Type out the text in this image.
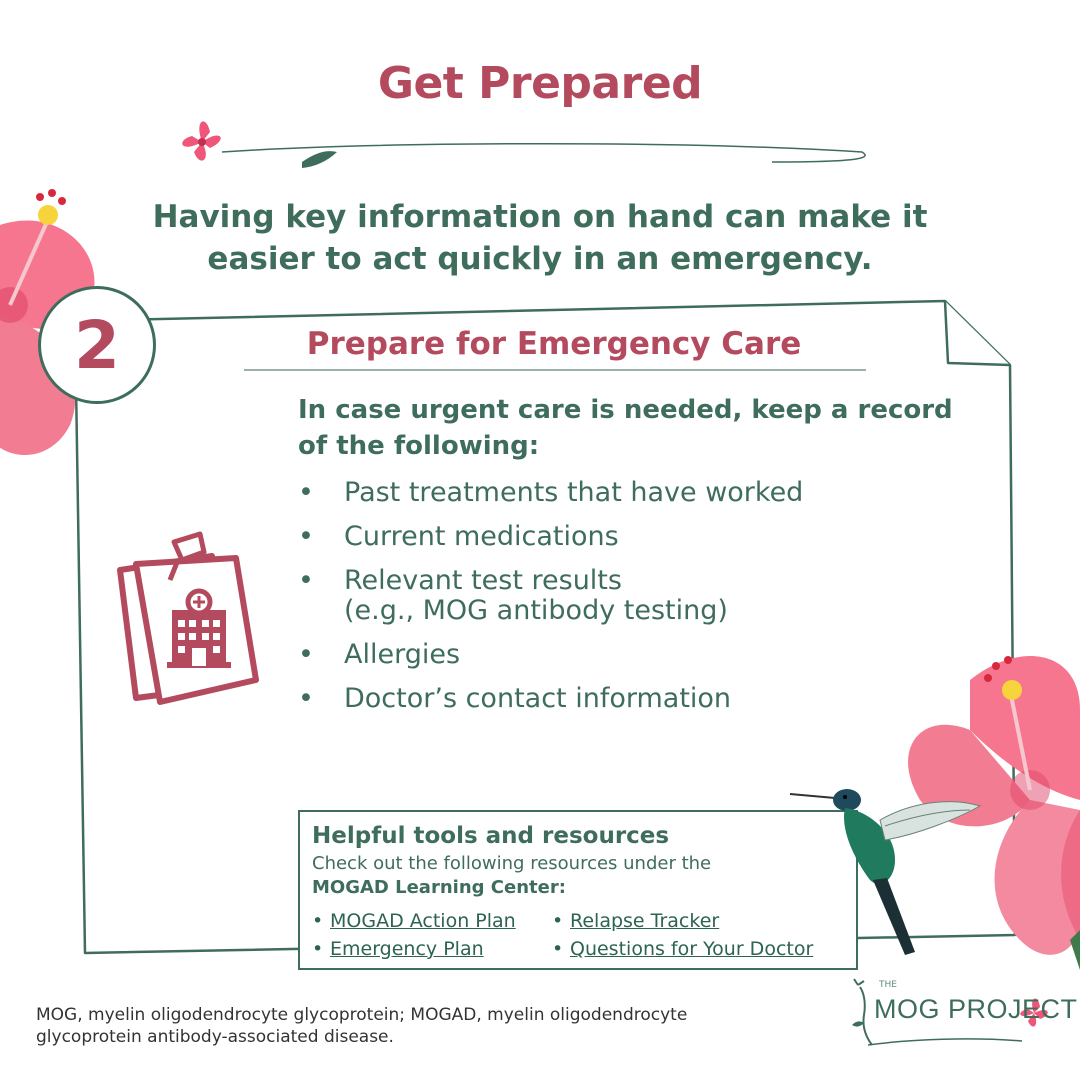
Get Prepared
Having key information on hand can make it easier to act quickly in an emergency.
2	Prepare for Emergency Care
In case urgent care is needed, keep a record of the following:
• Past treatments that have worked
• Current medications
• Relevant test results
(e.g., MOG antibody testing)
• Allergies
• Doctor’s contact information
Helpful tools and resources
Check out the following resources under the
MOGAD Learning Center:
• MOGAD Action Plan	• Relapse Tracker
• Emergency Plan	• Questions for Your Doctor
MOG, myelin oligodendrocyte glycoprotein; MOGAD, myelin oligodendrocyte glycoprotein antibody-associated disease.
THE
MOG PROJECT
